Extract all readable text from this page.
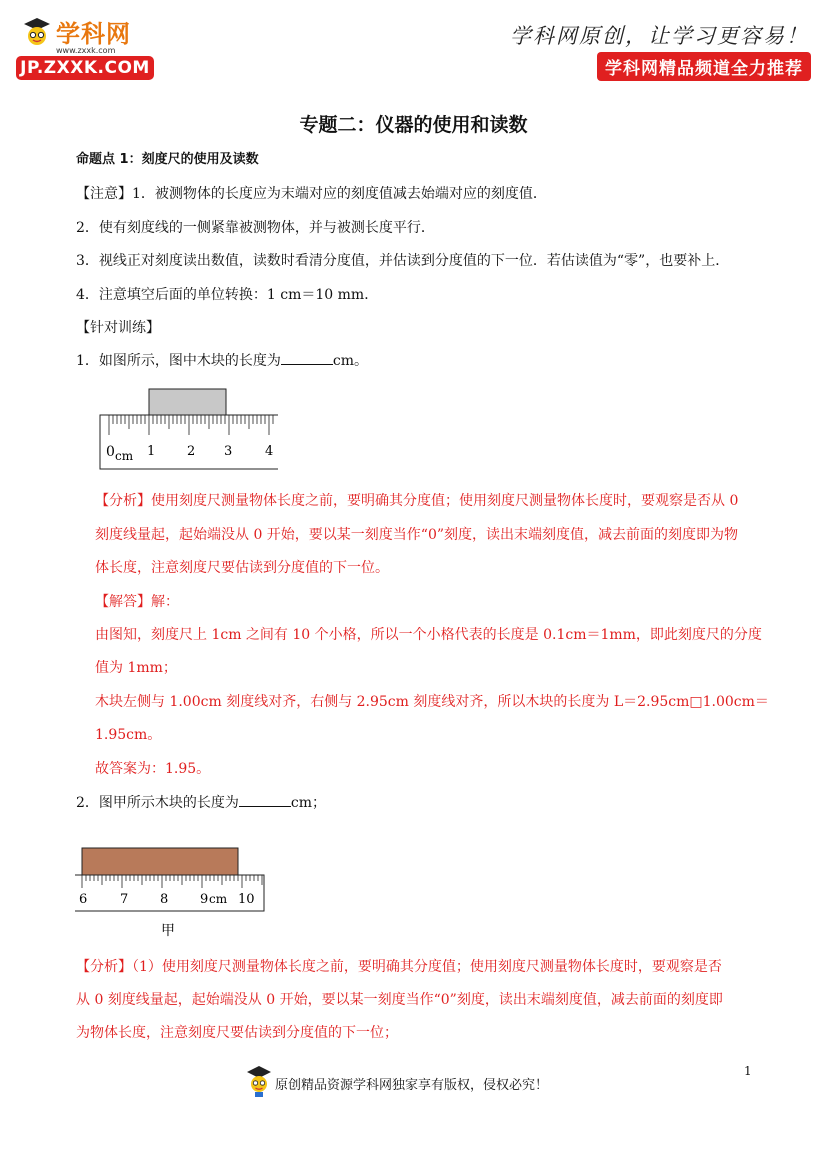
学科网
www.zxxk.com
JP.ZXXK.COM
学科网原创，让学习更容易！
学科网精品频道全力推荐
专题二：仪器的使用和读数
命题点 1：刻度尺的使用及读数
【注意】1．被测物体的长度应为末端对应的刻度值减去始端对应的刻度值．
2．使有刻度线的一侧紧靠被测物体，并与被测长度平行．
3．视线正对刻度读出数值，读数时看清分度值，并估读到分度值的下一位．若估读值为“零”，也要补上．
4．注意填空后面的单位转换：1 cm＝10 mm．
【针对训练】
1．如图所示，图中木块的长度为	cm。
0 cm 1 2 3	4
【分析】使用刻度尺测量物体长度之前，要明确其分度值；使用刻度尺测量物体长度时，要观察是否从 0
刻度线量起，起始端没从 0 开始，要以某一刻度当作“0”刻度，读出末端刻度值，减去前面的刻度即为物
体长度，注意刻度尺要估读到分度值的下一位。
【解答】解：
由图知，刻度尺上 1cm 之间有 10 个小格，所以一个小格代表的长度是 0.1cm＝1mm，即此刻度尺的分度
值为 1mm；
木块左侧与 1.00cm 刻度线对齐，右侧与 2.95cm 刻度线对齐，所以木块的长度为 L＝2.95cm□1.00cm＝
1.95cm。
故答案为：1.95。
2．图甲所示木块的长度为	cm；
6	7 8 9 cm 10
甲
【分析】（1）使用刻度尺测量物体长度之前，要明确其分度值；使用刻度尺测量物体长度时，要观察是否
从 0 刻度线量起，起始端没从 0 开始，要以某一刻度当作“0”刻度，读出末端刻度值，减去前面的刻度即
为物体长度，注意刻度尺要估读到分度值的下一位；
原创精品资源学科网独家享有版权，侵权必究！
1
